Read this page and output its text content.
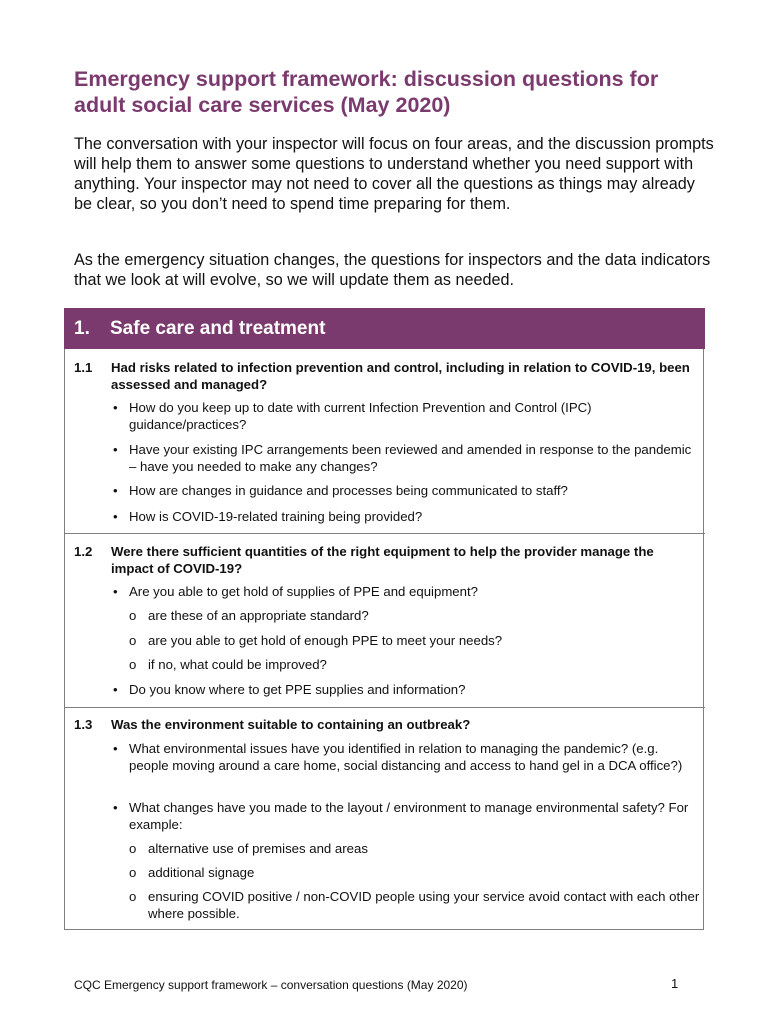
Emergency support framework: discussion questions for adult social care services (May 2020)

The conversation with your inspector will focus on four areas, and the discussion prompts will help them to answer some questions to understand whether you need support with anything. Your inspector may not need to cover all the questions as things may already be clear, so you don’t need to spend time preparing for them.

As the emergency situation changes, the questions for inspectors and the data indicators that we look at will evolve, so we will update them as needed.

1. Safe care and treatment
1.1 Had risks related to infection prevention and control, including in relation to COVID-19, been assessed and managed?

• How do you keep up to date with current Infection Prevention and Control (IPC) guidance/practices?

• Have your existing IPC arrangements been reviewed and amended in response to the pandemic – have you needed to make any changes?

• How are changes in guidance and processes being communicated to staff?

• How is COVID-19-related training being provided?

1.2 Were there sufficient quantities of the right equipment to help the provider manage the impact of COVID-19?

• Are you able to get hold of supplies of PPE and equipment?

o are these of an appropriate standard?

o are you able to get hold of enough PPE to meet your needs?

o if no, what could be improved?

• Do you know where to get PPE supplies and information?

1.3 Was the environment suitable to containing an outbreak?

• What environmental issues have you identified in relation to managing the pandemic? (e.g. people moving around a care home, social distancing and access to hand gel in a DCA office?)

• What changes have you made to the layout / environment to manage environmental safety? For example:

o alternative use of premises and areas

o additional signage

o ensuring COVID positive / non-COVID people using your service avoid contact with each other where possible.

CQC Emergency support framework – conversation questions (May 2020)	1
